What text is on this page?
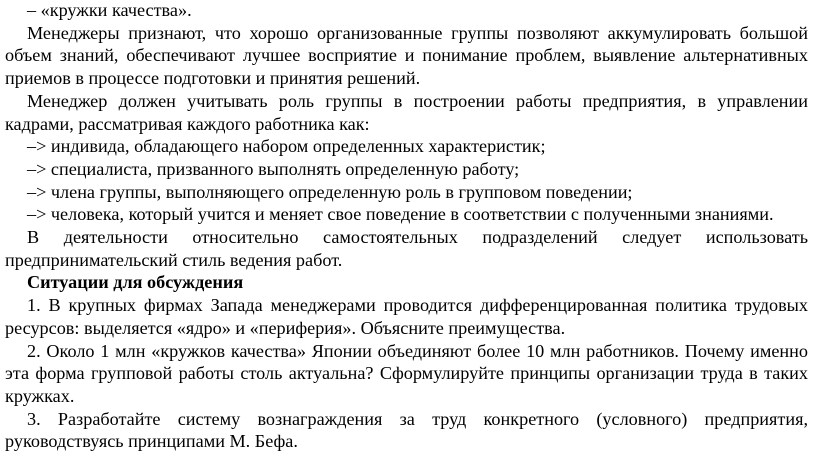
– «кружки качества».

Менеджеры признают, что хорошо организованные группы позволяют аккумулировать большой объем знаний, обеспечивают лучшее восприятие и понимание проблем, выявление альтернативных приемов в процессе подготовки и принятия решений.

Менеджер должен учитывать роль группы в построении работы предприятия, в управлении кадрами, рассматривая каждого работника как:

–> индивида, обладающего набором определенных характеристик;

–> специалиста, призванного выполнять определенную работу;

–> члена группы, выполняющего определенную роль в групповом поведении;

–> человека, который учится и меняет свое поведение в соответствии с полученными знаниями.

В деятельности относительно самостоятельных подразделений следует использовать предпринимательский стиль ведения работ.

Ситуации для обсуждения

1. В крупных фирмах Запада менеджерами проводится дифференцированная политика трудовых ресурсов: выделяется «ядро» и «периферия». Объясните преимущества.

2. Около 1 млн «кружков качества» Японии объединяют более 10 млн работников. Почему именно эта форма групповой работы столь актуальна? Сформулируйте принципы организации труда в таких кружках.

3. Разработайте систему вознаграждения за труд конкретного (условного) предприятия, руководствуясь принципами М. Бефа.
